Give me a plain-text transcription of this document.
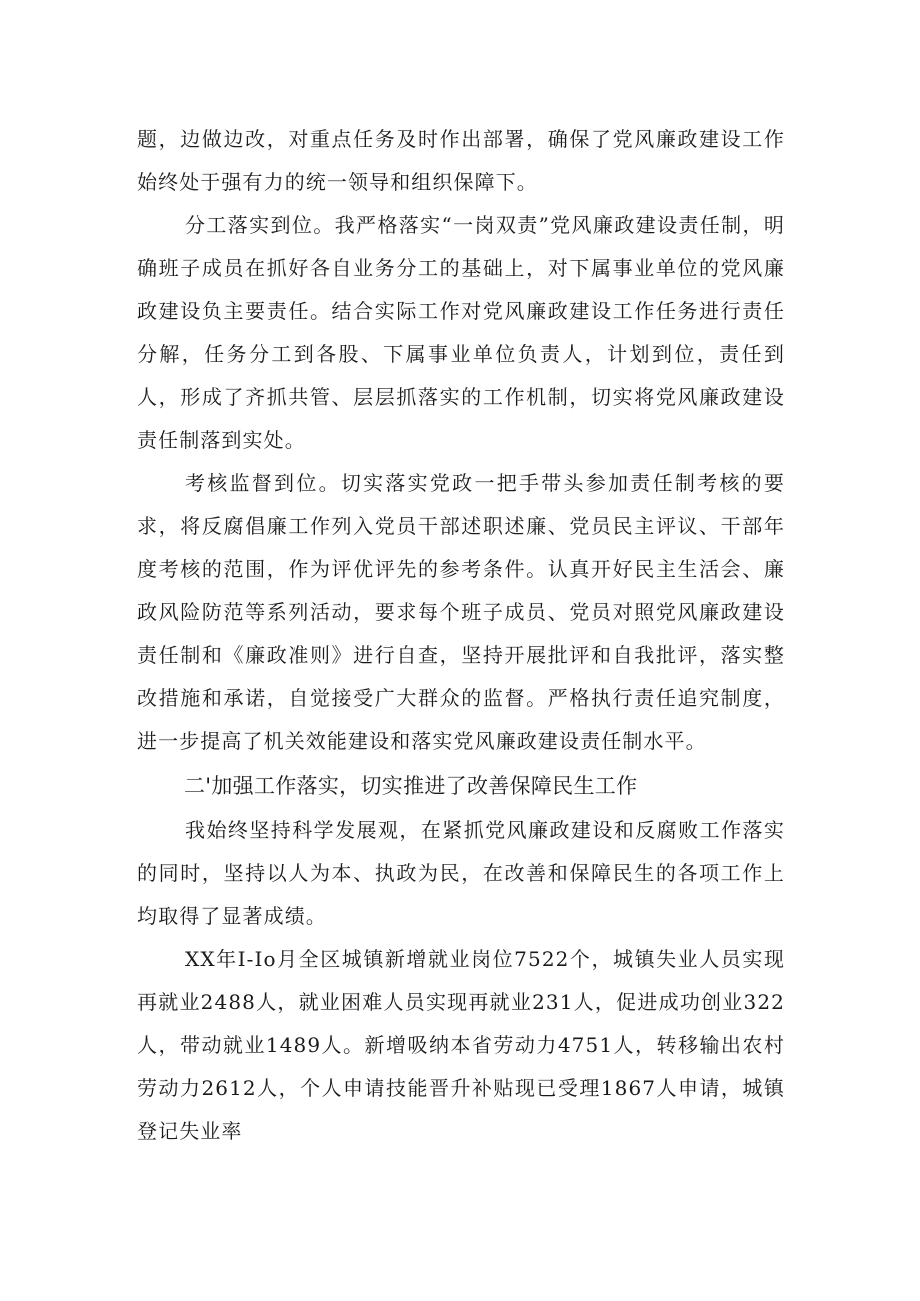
题，边做边改，对重点任务及时作出部署，确保了党风廉政建设工作始终处于强有力的统一领导和组织保障下。

分工落实到位。我严格落实“一岗双责”党风廉政建设责任制，明确班子成员在抓好各自业务分工的基础上，对下属事业单位的党风廉政建设负主要责任。结合实际工作对党风廉政建设工作任务进行责任分解，任务分工到各股、下属事业单位负责人，计划到位，责任到人，形成了齐抓共管、层层抓落实的工作机制，切实将党风廉政建设责任制落到实处。

考核监督到位。切实落实党政一把手带头参加责任制考核的要求，将反腐倡廉工作列入党员干部述职述廉、党员民主评议、干部年度考核的范围，作为评优评先的参考条件。认真开好民主生活会、廉政风险防范等系列活动，要求每个班子成员、党员对照党风廉政建设责任制和《廉政准则》进行自查，坚持开展批评和自我批评，落实整改措施和承诺，自觉接受广大群众的监督。严格执行责任追究制度，进一步提高了机关效能建设和落实党风廉政建设责任制水平。

二'加强工作落实，切实推进了改善保障民生工作

我始终坚持科学发展观，在紧抓党风廉政建设和反腐败工作落实的同时，坚持以人为本、执政为民，在改善和保障民生的各项工作上均取得了显著成绩。

XX年I-Io月全区城镇新增就业岗位7522个，城镇失业人员实现再就业2488人，就业困难人员实现再就业231人，促进成功创业322人，带动就业1489人。新增吸纳本省劳动力4751人，转移输出农村劳动力2612人，个人申请技能晋升补贴现已受理1867人申请，城镇登记失业率
